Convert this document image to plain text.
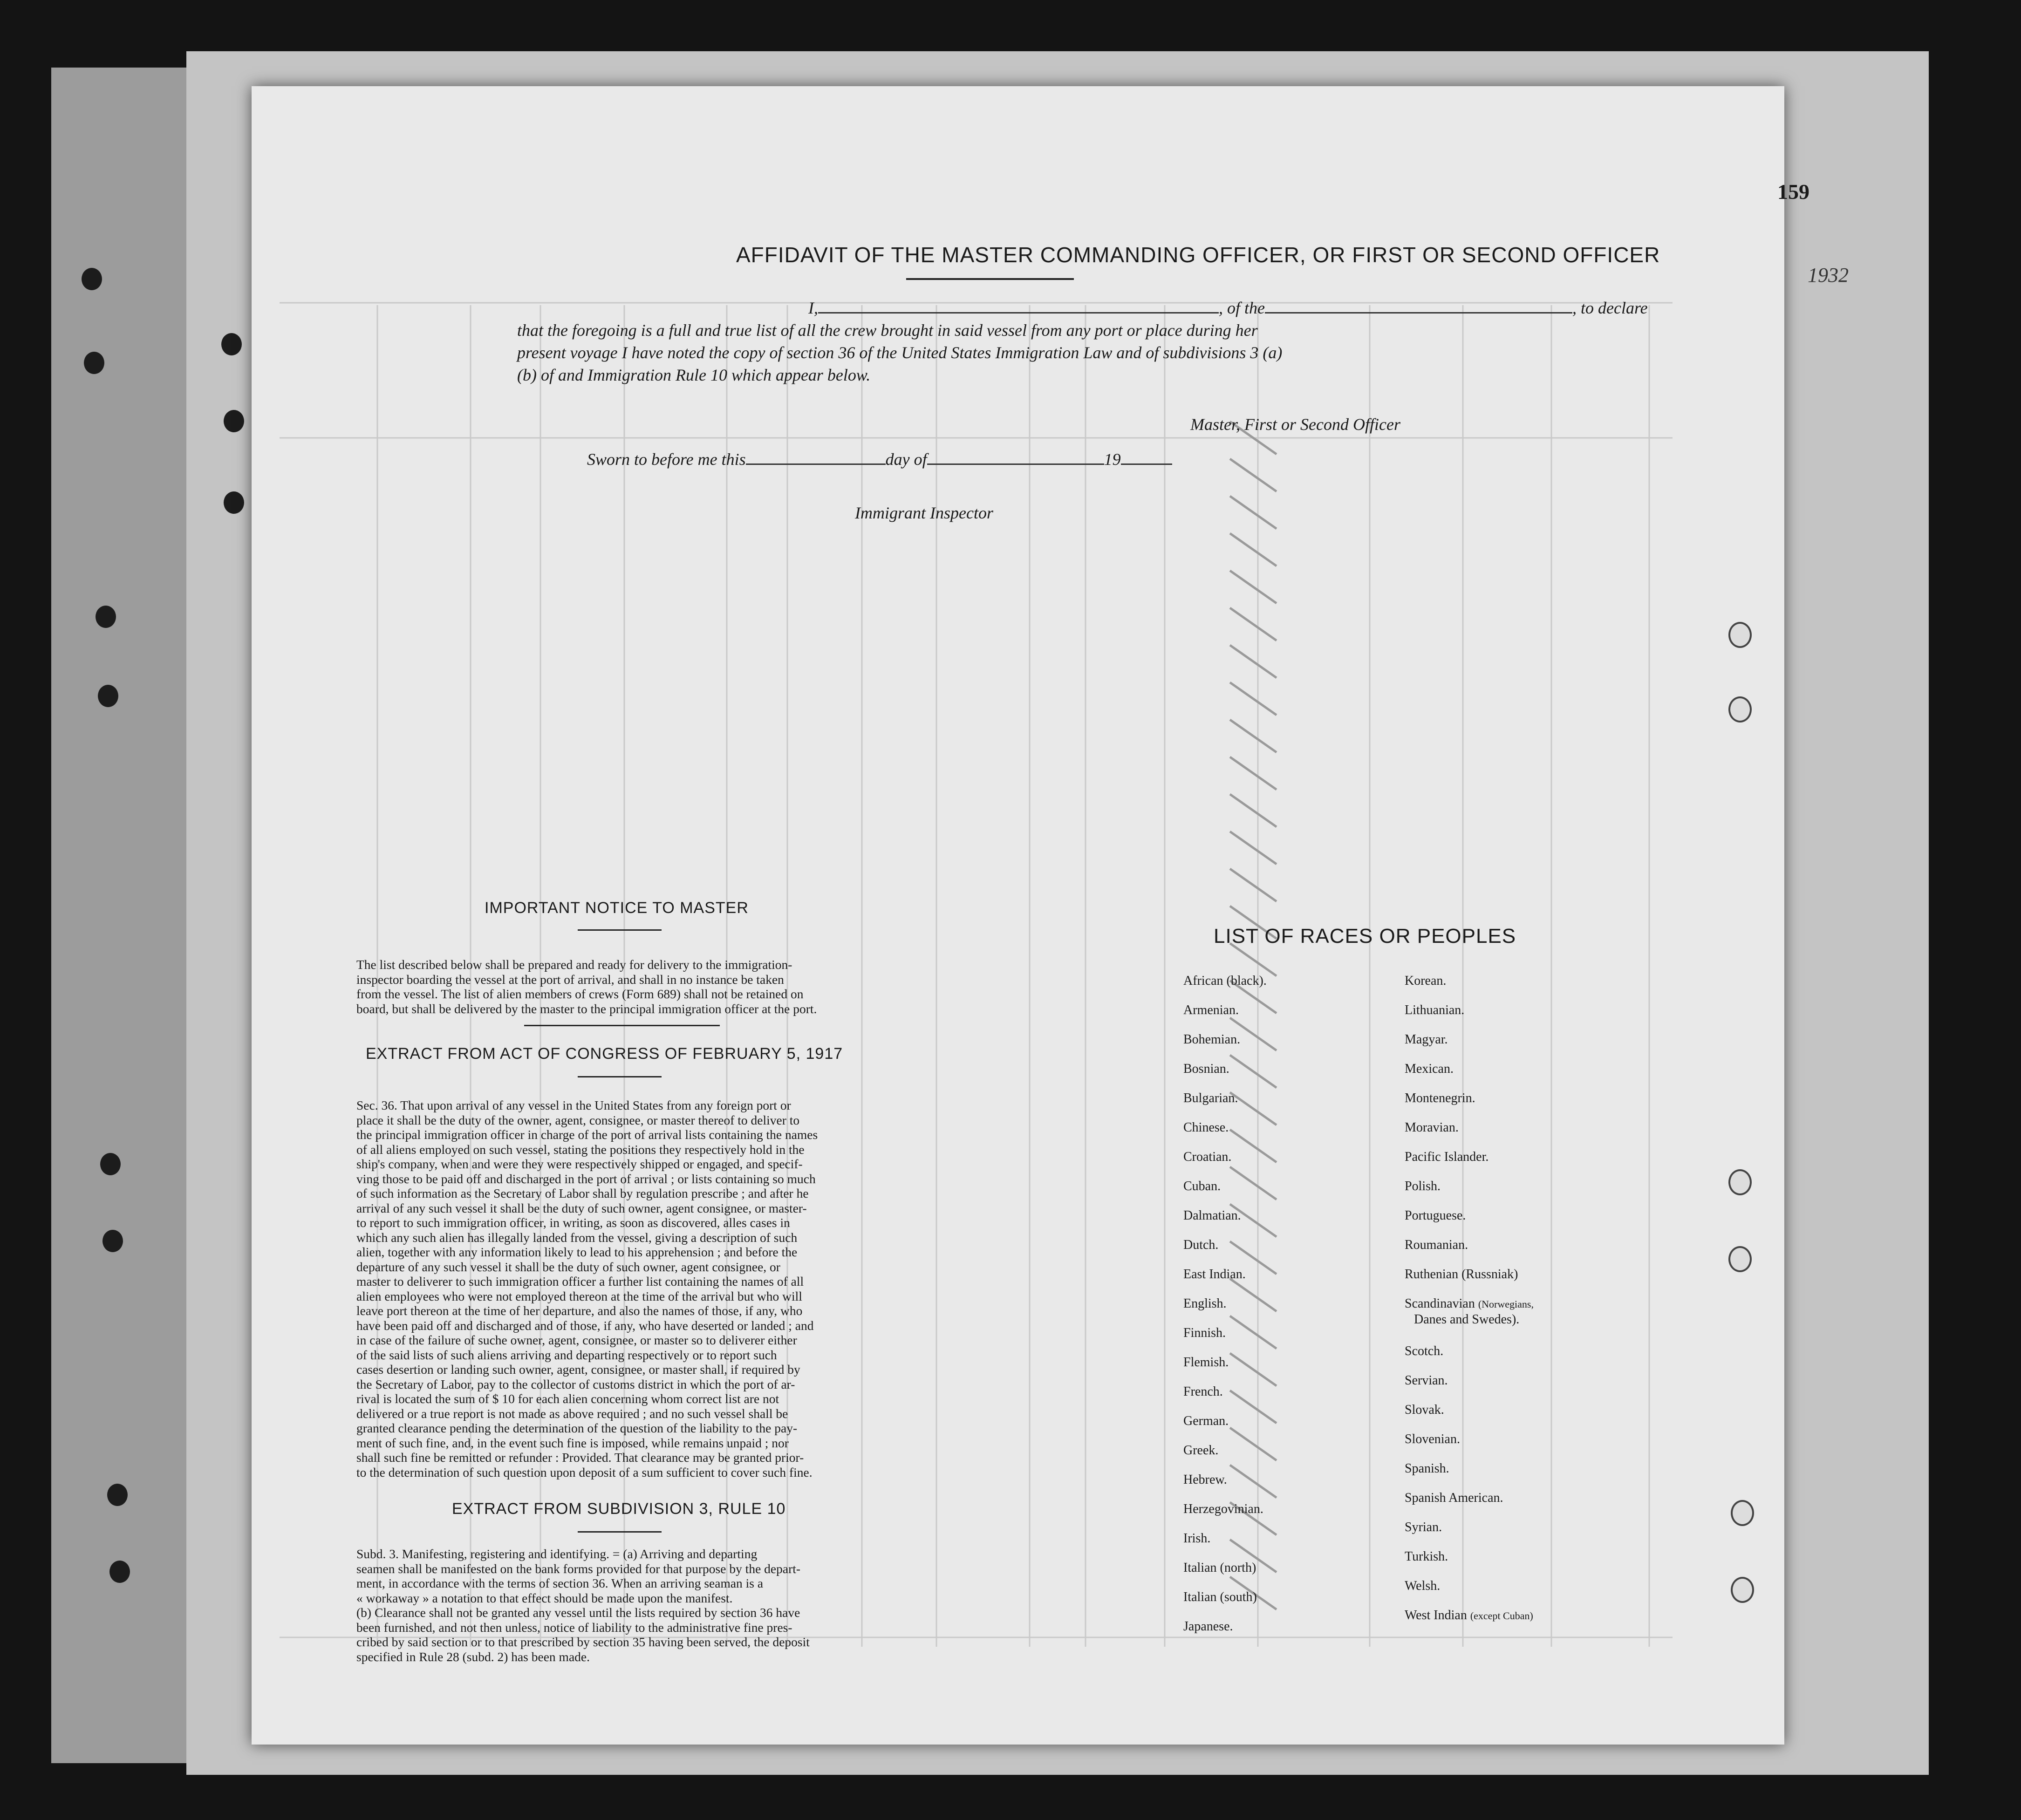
AFFIDAVIT OF THE MASTER COMMANDING OFFICER, OR FIRST OR SECOND OFFICER
I,	, of the	, to declare
that the foregoing is a full and true list of all the crew brought in said vessel from any port or place during her
present voyage I have noted the copy of section 36 of the United States Immigration Law and of subdivisions 3 (a)
(b) of and Immigration Rule 10 which appear below.
Master, First or Second Officer
Sworn to before me this	day of	19
Immigrant Inspector
IMPORTANT NOTICE TO MASTER
The list described below shall be prepared and ready for delivery to the immigration-
inspector boarding the vessel at the port of arrival, and shall in no instance be taken
from the vessel. The list of alien members of crews (Form 689) shall not be retained on
board, but shall be delivered by the master to the principal immigration officer at the port.
EXTRACT FROM ACT OF CONGRESS OF FEBRUARY 5, 1917
Sec. 36. That upon arrival of any vessel in the United States from any foreign port or
place it shall be the duty of the owner, agent, consignee, or master thereof to deliver to
the principal immigration officer in charge of the port of arrival lists containing the names
of all aliens employed on such vessel, stating the positions they respectively hold in the
ship's company, when and were they were respectively shipped or engaged, and specif-
ving those to be paid off and discharged in the port of arrival ; or lists containing so much
of such information as the Secretary of Labor shall by regulation prescribe ; and after he
arrival of any such vessel it shall be the duty of such owner, agent consignee, or master-
to report to such immigration officer, in writing, as soon as discovered, alles cases in
which any such alien has illegally landed from the vessel, giving a description of such
alien, together with any information likely to lead to his apprehension ; and before the
departure of any such vessel it shall be the duty of such owner, agent consignee, or
master to deliverer to such immigration officer a further list containing the names of all
alien employees who were not employed thereon at the time of the arrival but who will
leave port thereon at the time of her departure, and also the names of those, if any, who
have been paid off and discharged and of those, if any, who have deserted or landed ; and
in case of the failure of suche owner, agent, consignee, or master so to deliverer either
of the said lists of such aliens arriving and departing respectively or to report such
cases desertion or landing such owner, agent, consignee, or master shall, if required by
the Secretary of Labor, pay to the collector of customs district in which the port of ar-
rival is located the sum of $ 10 for each alien concerning whom correct list are not
delivered or a true report is not made as above required ; and no such vessel shall be
granted clearance pending the determination of the question of the liability to the pay-
ment of such fine, and, in the event such fine is imposed, while remains unpaid ; nor
shall such fine be remitted or refunder : Provided. That clearance may be granted prior-
to the determination of such question upon deposit of a sum sufficient to cover such fine.
EXTRACT FROM SUBDIVISION 3, RULE 10
Subd. 3. Manifesting, registering and identifying. = (a) Arriving and departing
seamen shall be manifested on the bank forms provided for that purpose by the depart-
ment, in accordance with the terms of section 36. When an arriving seaman is a
« workaway » a notation to that effect should be made upon the manifest.
(b) Clearance shall not be granted any vessel until the lists required by section 36 have
been furnished, and not then unless, notice of liability to the administrative fine pres-
cribed by said section or to that prescribed by section 35 having been served, the deposit
specified in Rule 28 (subd. 2) has been made.
LIST OF RACES OR PEOPLES
African (black).
Armenian.
Bohemian.
Bosnian.
Bulgarian.
Chinese.
Croatian.
Cuban.
Dalmatian.
Dutch.
East Indian.
English.
Finnish.
Flemish.
French.
German.
Greek.
Hebrew.
Herzegovinian.
Irish.
Italian (north)
Italian (south)
Japanese.
Korean.
Lithuanian.
Magyar.
Mexican.
Montenegrin.
Moravian.
Pacific Islander.
Polish.
Portuguese.
Roumanian.
Ruthenian (Russniak)
Scandinavian (Norwegians,
Danes and Swedes).
Scotch.
Servian.
Slovak.
Slovenian.
Spanish.
Spanish American.
Syrian.
Turkish.
Welsh.
West Indian (except Cuban)
159
1932
